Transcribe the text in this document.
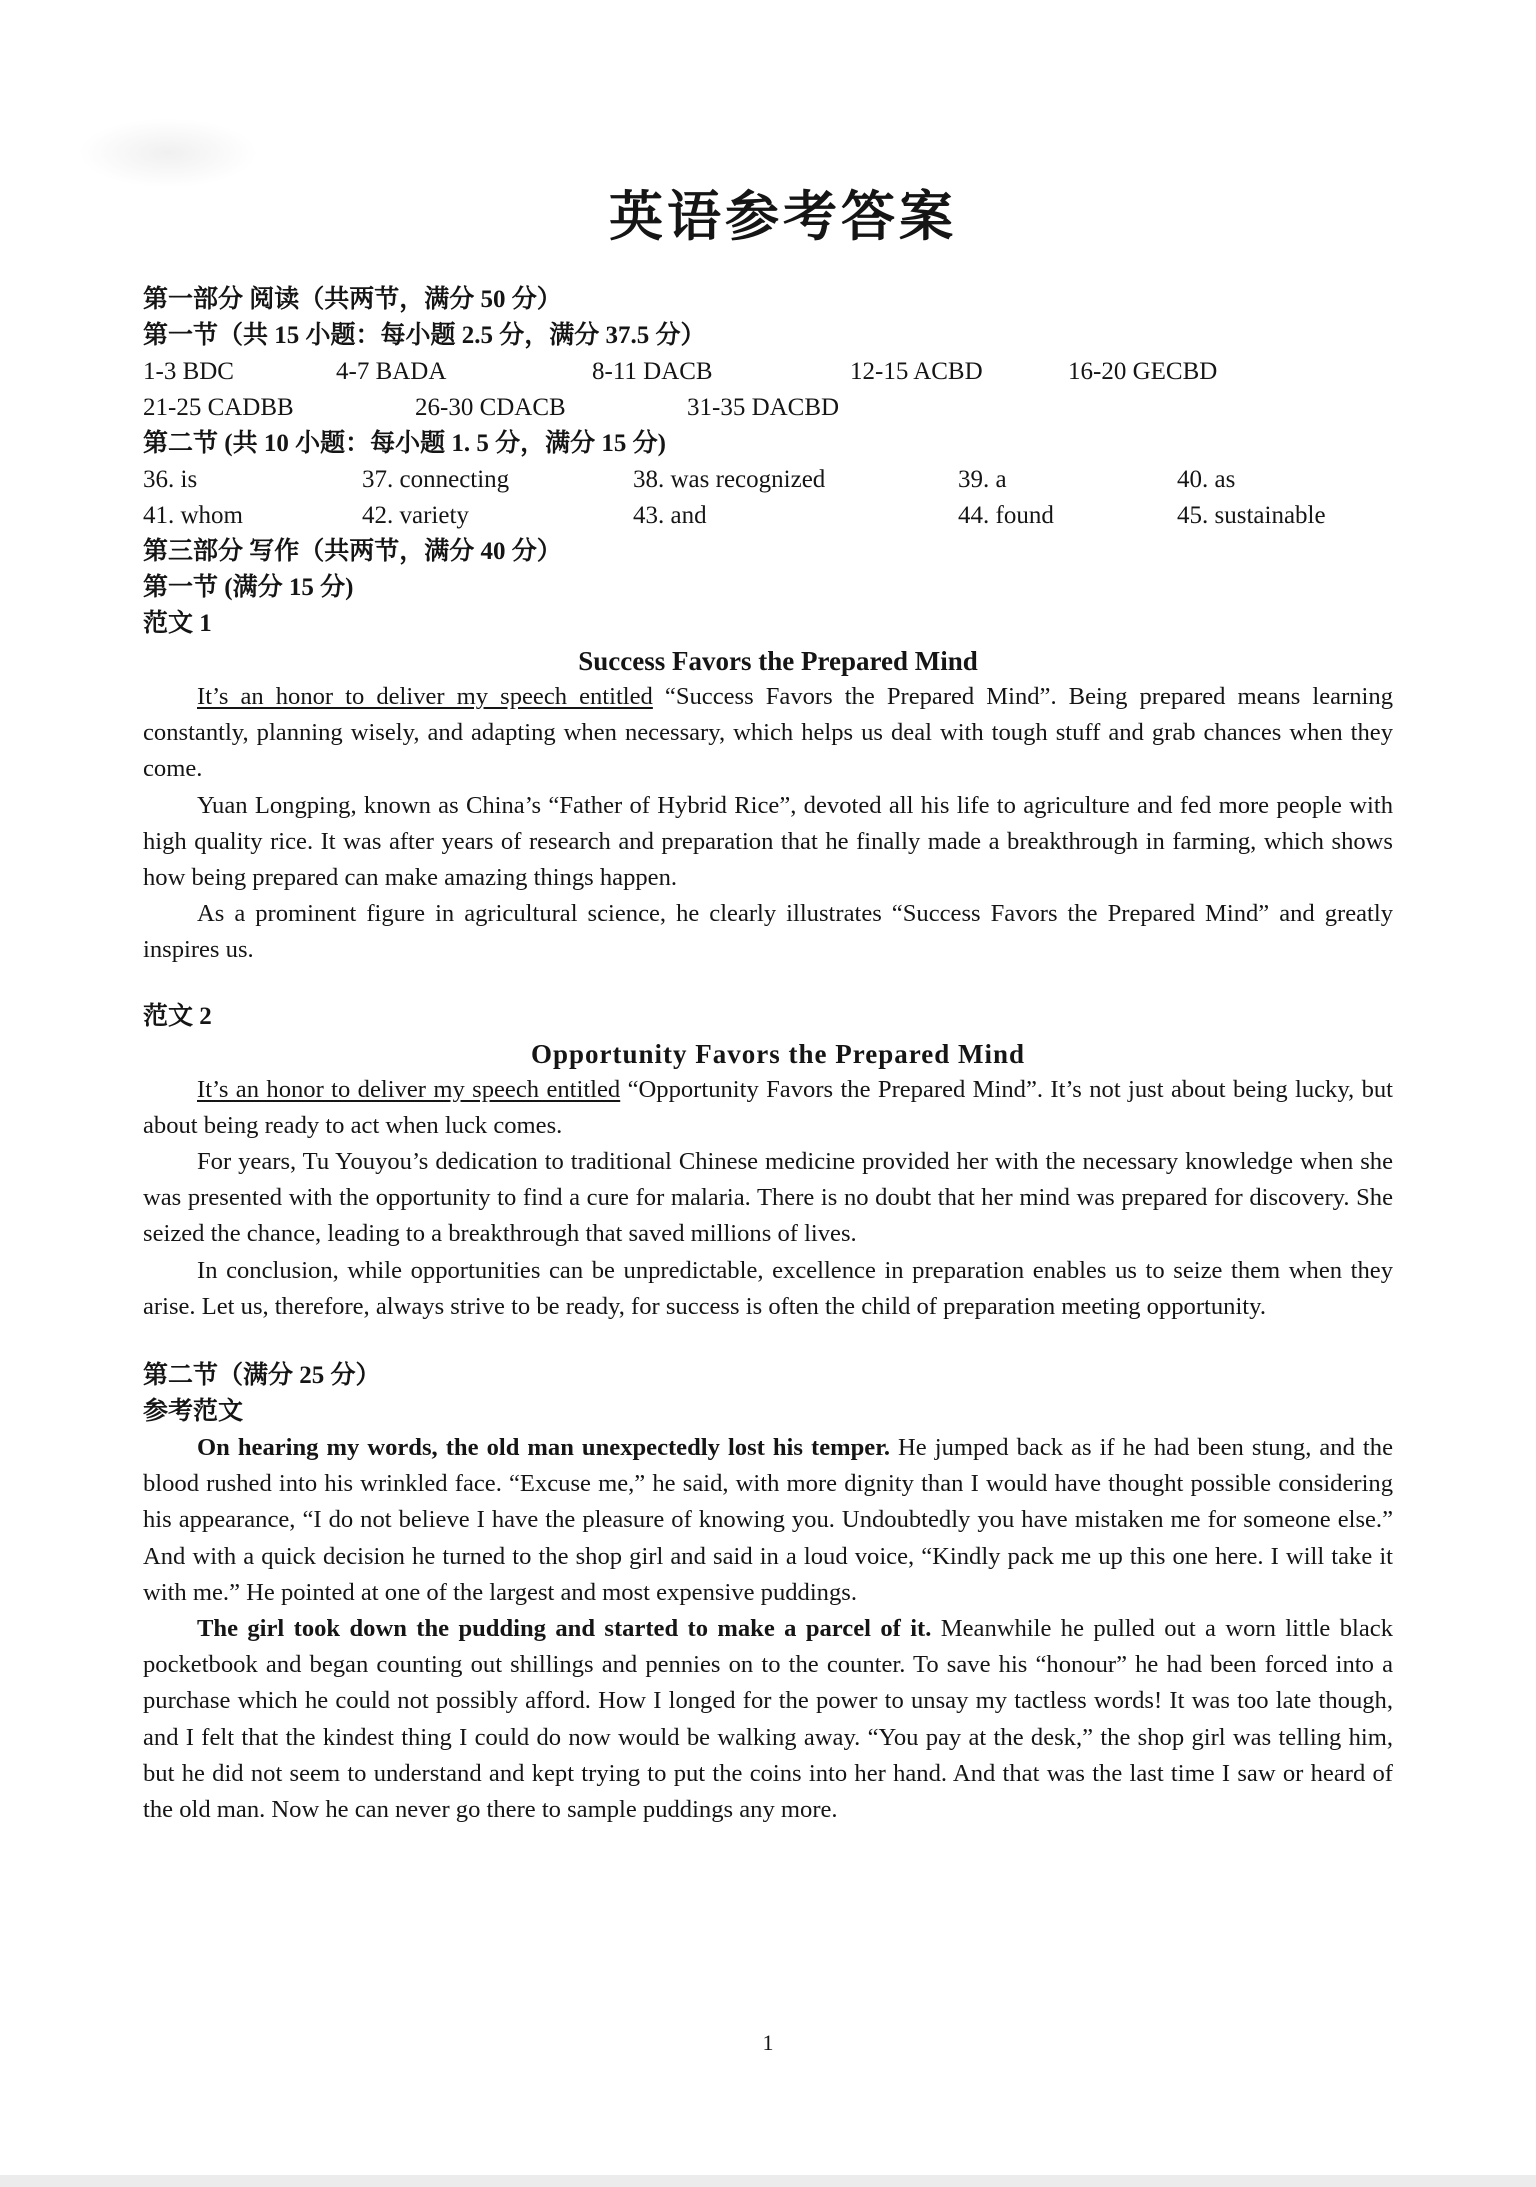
英语参考答案
第一部分 阅读（共两节，满分 50 分）
第一节（共 15 小题：每小题 2.5 分，满分 37.5 分）
1-3 BDC	4-7 BADA	8-11 DACB	12-15 ACBD	16-20 GECBD
21-25 CADBB	26-30 CDACB	31-35 DACBD
第二节 (共 10 小题：每小题 1. 5 分，满分 15 分)
36. is	37. connecting	38. was recognized	39. a	40. as
41. whom	42. variety	43. and	44. found	45. sustainable
第三部分 写作（共两节，满分 40 分）
第一节 (满分 15 分)
范文 1
Success Favors the Prepared Mind

It’s an honor to deliver my speech entitled “Success Favors the Prepared Mind”. Being prepared means learning constantly, planning wisely, and adapting when necessary, which helps us deal with tough stuff and grab chances when they come.

Yuan Longping, known as China’s “Father of Hybrid Rice”, devoted all his life to agriculture and fed more people with high quality rice. It was after years of research and preparation that he finally made a breakthrough in farming, which shows how being prepared can make amazing things happen.

As a prominent figure in agricultural science, he clearly illustrates “Success Favors the Prepared Mind” and greatly inspires us.

范文 2
Opportunity Favors the Prepared Mind

It’s an honor to deliver my speech entitled “Opportunity Favors the Prepared Mind”. It’s not just about being lucky, but about being ready to act when luck comes.

For years, Tu Youyou’s dedication to traditional Chinese medicine provided her with the necessary knowledge when she was presented with the opportunity to find a cure for malaria. There is no doubt that her mind was prepared for discovery. She seized the chance, leading to a breakthrough that saved millions of lives.

In conclusion, while opportunities can be unpredictable, excellence in preparation enables us to seize them when they arise. Let us, therefore, always strive to be ready, for success is often the child of preparation meeting opportunity.

第二节（满分 25 分）
参考范文

On hearing my words, the old man unexpectedly lost his temper. He jumped back as if he had been stung, and the blood rushed into his wrinkled face. “Excuse me,” he said, with more dignity than I would have thought possible considering his appearance, “I do not believe I have the pleasure of knowing you. Undoubtedly you have mistaken me for someone else.” And with a quick decision he turned to the shop girl and said in a loud voice, “Kindly pack me up this one here. I will take it with me.” He pointed at one of the largest and most expensive puddings.

The girl took down the pudding and started to make a parcel of it. Meanwhile he pulled out a worn little black pocketbook and began counting out shillings and pennies on to the counter. To save his “honour” he had been forced into a purchase which he could not possibly afford. How I longed for the power to unsay my tactless words! It was too late though, and I felt that the kindest thing I could do now would be walking away. “You pay at the desk,” the shop girl was telling him, but he did not seem to understand and kept trying to put the coins into her hand. And that was the last time I saw or heard of the old man. Now he can never go there to sample puddings any more.

1
